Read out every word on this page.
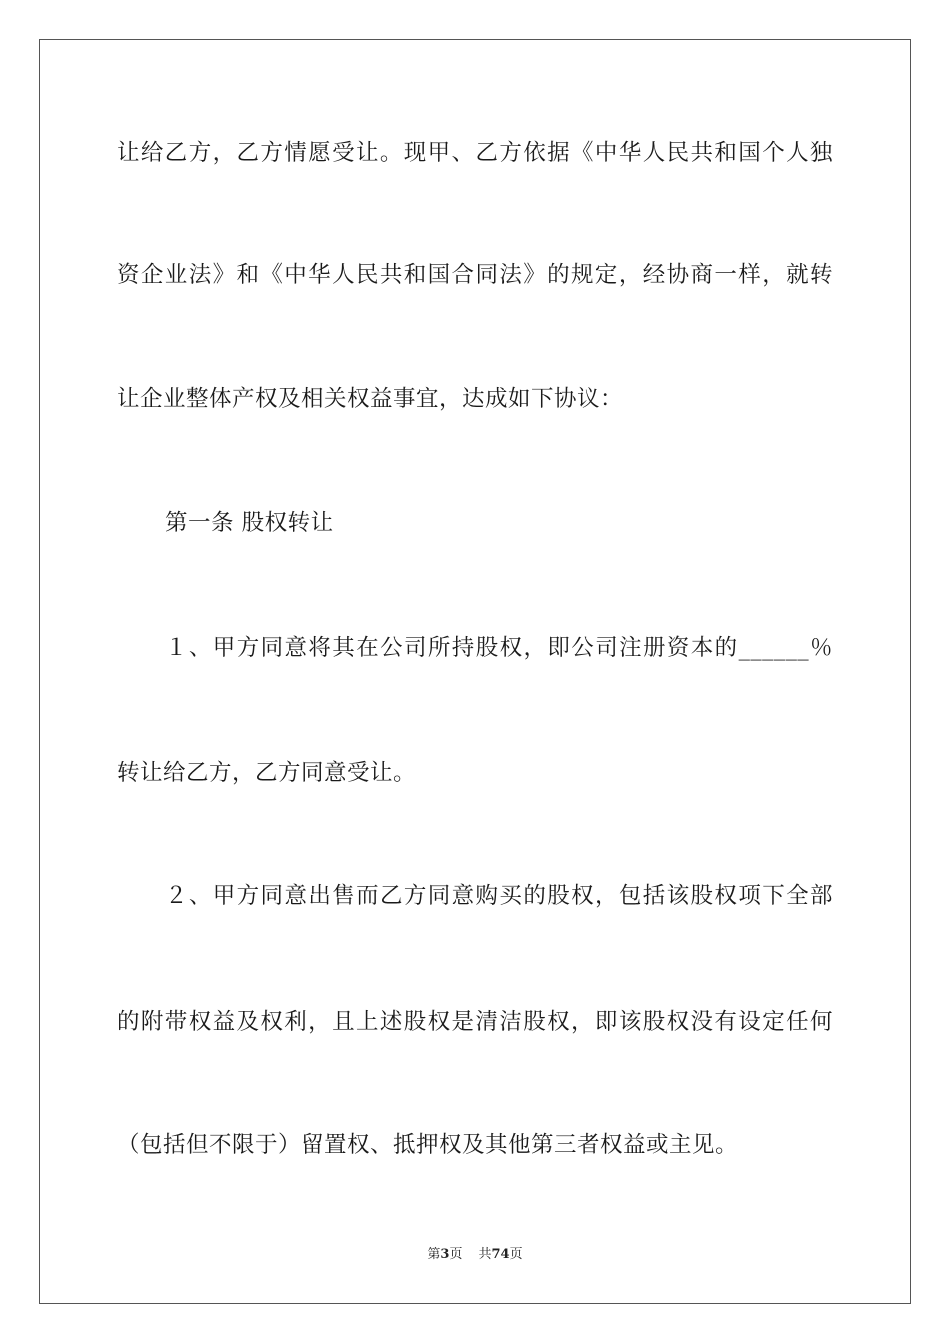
让给乙方，乙方情愿受让。现甲、乙方依据《中华人民共和国个人独
资企业法》和《中华人民共和国合同法》的规定，经协商一样，就转
让企业整体产权及相关权益事宜，达成如下协议：
第一条 股权转让
１、甲方同意将其在公司所持股权，即公司注册资本的______％
转让给乙方，乙方同意受让。
２、甲方同意出售而乙方同意购买的股权，包括该股权项下全部
的附带权益及权利，且上述股权是清洁股权，即该股权没有设定任何
（包括但不限于）留置权、抵押权及其他第三者权益或主见。
第3页 共74页
